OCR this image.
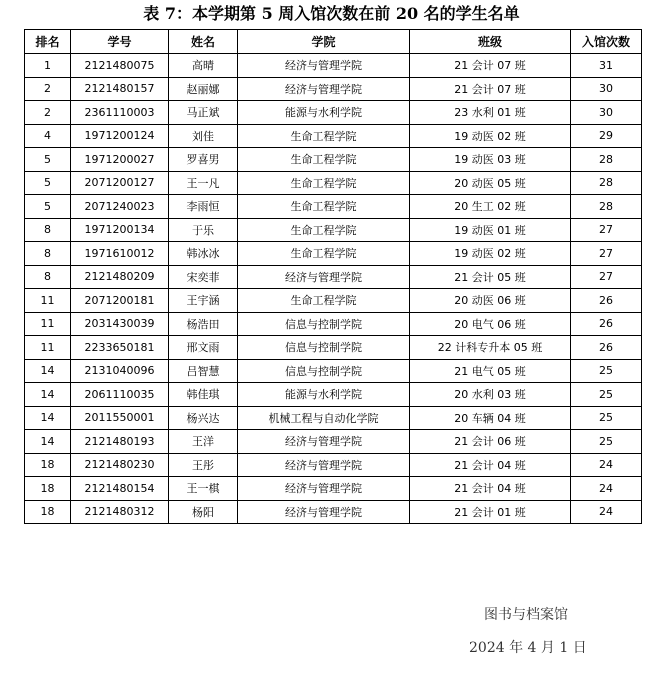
表 7：本学期第 5 周入馆次数在前 20 名的学生名单
排名	学号	姓名	学院	班级	入馆次数
1	2121480075	高晴	经济与管理学院	21 会计 07 班	31
2	2121480157	赵丽娜	经济与管理学院	21 会计 07 班	30
2	2361110003	马正斌	能源与水利学院	23 水利 01 班	30
4	1971200124	刘佳	生命工程学院	19 动医 02 班	29
5	1971200027	罗喜男	生命工程学院	19 动医 03 班	28
5	2071200127	王一凡	生命工程学院	20 动医 05 班	28
5	2071240023	李雨恒	生命工程学院	20 生工 02 班	28
8	1971200134	于乐	生命工程学院	19 动医 01 班	27
8	1971610012	韩冰冰	生命工程学院	19 动医 02 班	27
8	2121480209	宋奕菲	经济与管理学院	21 会计 05 班	27
11	2071200181	王宇涵	生命工程学院	20 动医 06 班	26
11	2031430039	杨浩田	信息与控制学院	20 电气 06 班	26
11	2233650181	邢文雨	信息与控制学院	22 计科专升本 05 班	26
14	2131040096	吕智慧	信息与控制学院	21 电气 05 班	25
14	2061110035	韩佳琪	能源与水利学院	20 水利 03 班	25
14	2011550001	杨兴达	机械工程与自动化学院	20 车辆 04 班	25
14	2121480193	王洋	经济与管理学院	21 会计 06 班	25
18	2121480230	王彤	经济与管理学院	21 会计 04 班	24
18	2121480154	王一棋	经济与管理学院	21 会计 04 班	24
18	2121480312	杨阳	经济与管理学院	21 会计 01 班	24
图书与档案馆
2024 年 4 月 1 日
